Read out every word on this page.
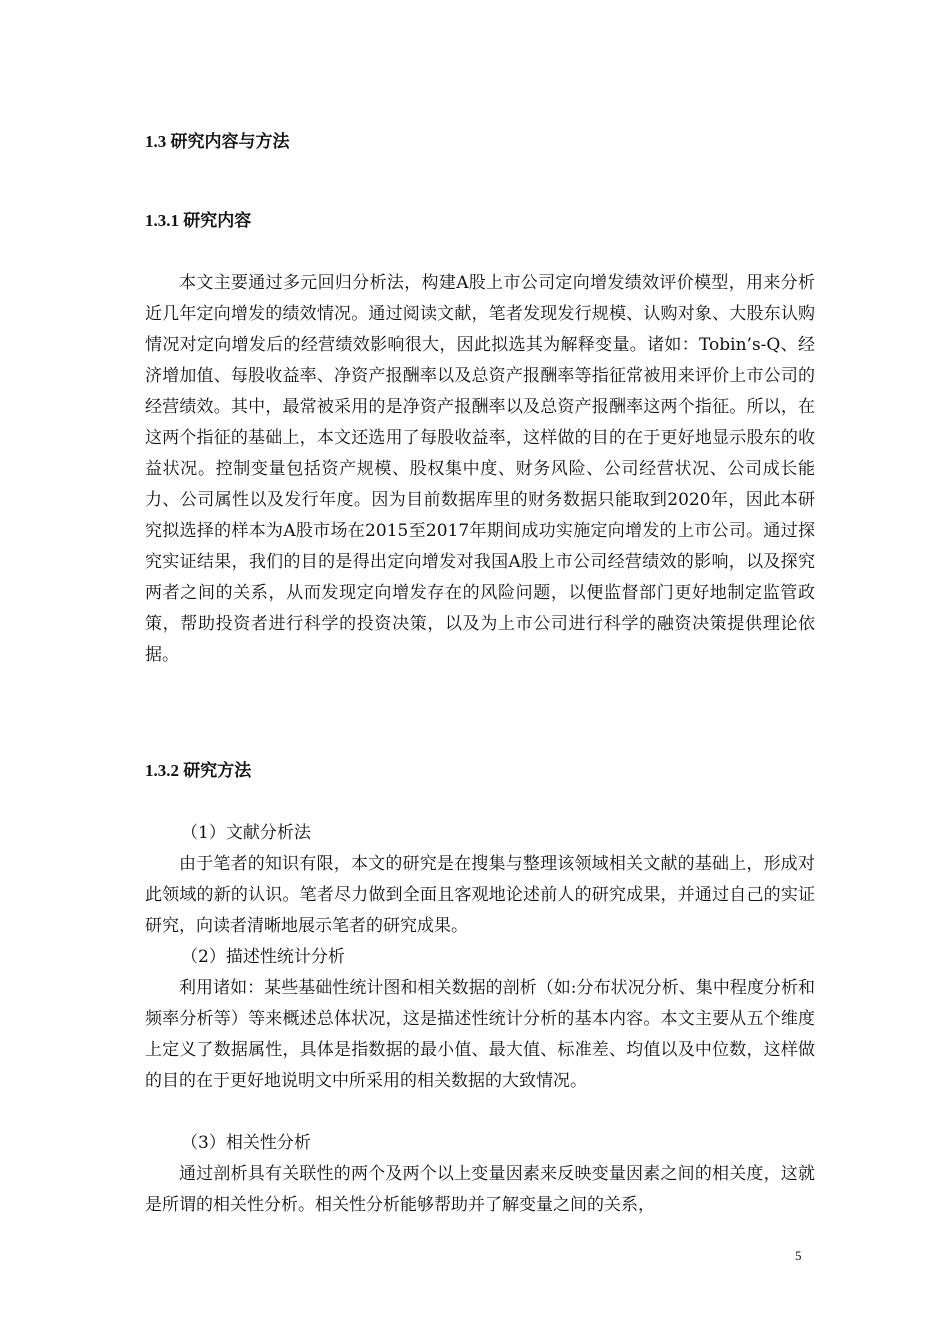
1.3 研究内容与方法
1.3.1 研究内容

本文主要通过多元回归分析法，构建A股上市公司定向增发绩效评价模型，用来分析近几年定向增发的绩效情况。通过阅读文献，笔者发现发行规模、认购对象、大股东认购情况对定向增发后的经营绩效影响很大，因此拟选其为解释变量。诸如：Tobin’s-Q、经济增加值、每股收益率、净资产报酬率以及总资产报酬率等指征常被用来评价上市公司的经营绩效。其中，最常被采用的是净资产报酬率以及总资产报酬率这两个指征。所以，在这两个指征的基础上，本文还选用了每股收益率，这样做的目的在于更好地显示股东的收益状况。控制变量包括资产规模、股权集中度、财务风险、公司经营状况、公司成长能力、公司属性以及发行年度。因为目前数据库里的财务数据只能取到2020年，因此本研究拟选择的样本为A股市场在2015至2017年期间成功实施定向增发的上市公司。通过探究实证结果，我们的目的是得出定向增发对我国A股上市公司经营绩效的影响，以及探究两者之间的关系，从而发现定向增发存在的风险问题，以便监督部门更好地制定监管政策，帮助投资者进行科学的投资决策，以及为上市公司进行科学的融资决策提供理论依据。

1.3.2 研究方法

（1）文献分析法

由于笔者的知识有限，本文的研究是在搜集与整理该领域相关文献的基础上，形成对此领域的新的认识。笔者尽力做到全面且客观地论述前人的研究成果，并通过自己的实证研究，向读者清晰地展示笔者的研究成果。

（2）描述性统计分析

利用诸如：某些基础性统计图和相关数据的剖析（如:分布状况分析、集中程度分析和频率分析等）等来概述总体状况，这是描述性统计分析的基本内容。本文主要从五个维度上定义了数据属性，具体是指数据的最小值、最大值、标准差、均值以及中位数，这样做的目的在于更好地说明文中所采用的相关数据的大致情况。

（3）相关性分析

通过剖析具有关联性的两个及两个以上变量因素来反映变量因素之间的相关度，这就是所谓的相关性分析。相关性分析能够帮助并了解变量之间的关系，

5
